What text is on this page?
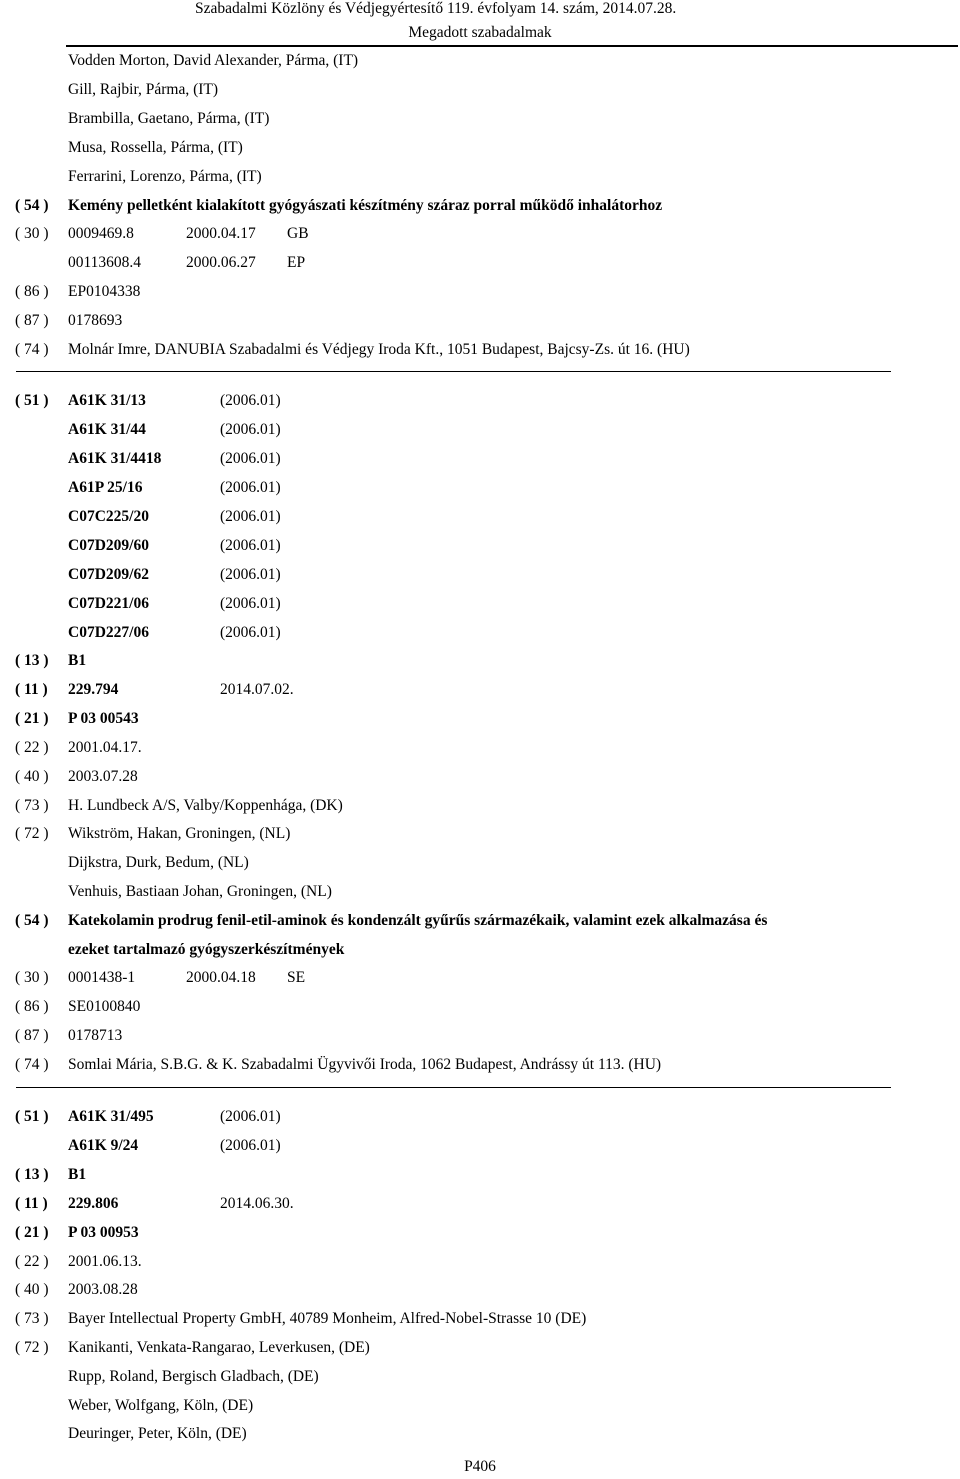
Szabadalmi Közlöny és Védjegyértesítő 119. évfolyam 14. szám, 2014.07.28.
Megadott szabadalmak
Vodden Morton, David Alexander, Pármа, (IT)
Gill, Rajbir, Pármа, (IT)
Brambilla, Gaetano, Pármа, (IT)
Musa, Rossella, Pármа, (IT)
Ferrarini, Lorenzo, Pármа, (IT)
( 54 ) Kemény pelletként kialakított gyógyászati készítmény száraz porral működő inhalátorhoz
( 30 ) 0009469.8	2000.04.17 GB
00113608.4	2000.06.27 EP
( 86 ) EP0104338
( 87 ) 0178693
( 74 ) Molnár Imre, DANUBIA Szabadalmi és Védjegy Iroda Kft., 1051 Budapest, Bajcsy-Zs. út 16. (HU)
( 51 ) A61K 31/13	(2006.01)
A61K 31/44	(2006.01)
A61K 31/4418	(2006.01)
A61P 25/16	(2006.01)
C07C225/20	(2006.01)
C07D209/60	(2006.01)
C07D209/62	(2006.01)
C07D221/06	(2006.01)
C07D227/06	(2006.01)
( 13 ) B1
( 11 ) 229.794	2014.07.02.
( 21 ) P 03 00543
( 22 ) 2001.04.17.
( 40 ) 2003.07.28
( 73 ) H. Lundbeck A/S, Valby/Koppenhága, (DK)
( 72 ) Wikström, Hakan, Groningen, (NL)
Dijkstra, Durk, Bedum, (NL)
Venhuis, Bastiaan Johan, Groningen, (NL)
( 54 ) Katekolamin prodrug fenil-etil-aminok és kondenzált gyűrűs származékaik, valamint ezek alkalmazása és
ezeket tartalmazó gyógyszerkészítmények
( 30 ) 0001438-1	2000.04.18 SE
( 86 ) SE0100840
( 87 ) 0178713
( 74 ) Somlai Mária, S.B.G. & K. Szabadalmi Ügyvivői Iroda, 1062 Budapest, Andrássy út 113. (HU)
( 51 ) A61K 31/495	(2006.01)
A61K 9/24	(2006.01)
( 13 ) B1
( 11 ) 229.806	2014.06.30.
( 21 ) P 03 00953
( 22 ) 2001.06.13.
( 40 ) 2003.08.28
( 73 ) Bayer Intellectual Property GmbH, 40789 Monheim, Alfred-Nobel-Strasse 10 (DE)
( 72 ) Kanikanti, Venkata-Rangarao, Leverkusen, (DE)
Rupp, Roland, Bergisch Gladbach, (DE)
Weber, Wolfgang, Köln, (DE)
Deuringer, Peter, Köln, (DE)
P406
